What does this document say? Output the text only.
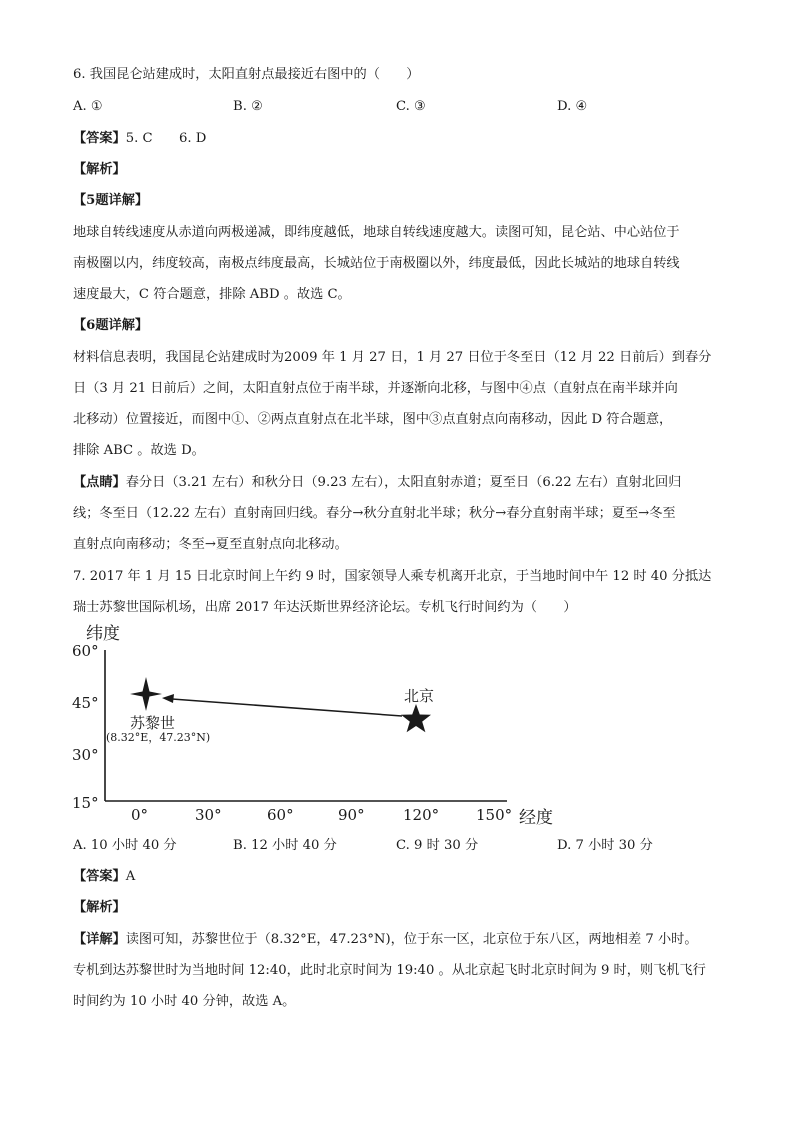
6. 我国昆仑站建成时，太阳直射点最接近右图中的（　　）
A. ①	B. ②	C. ③	D. ④
【答案】5. C　　6. D
【解析】
【5题详解】
地球自转线速度从赤道向两极递减，即纬度越低，地球自转线速度越大。读图可知，昆仑站、中心站位于
南极圈以内，纬度较高，南极点纬度最高，长城站位于南极圈以外，纬度最低，因此长城站的地球自转线
速度最大，C 符合题意，排除 ABD 。故选 C。
【6题详解】
材料信息表明，我国昆仑站建成时为2009 年 1 月 27 日，1 月 27 日位于冬至日（12 月 22 日前后）到春分
日（3 月 21 日前后）之间，太阳直射点位于南半球，并逐渐向北移，与图中④点（直射点在南半球并向
北移动）位置接近，而图中①、②两点直射点在北半球，图中③点直射点向南移动，因此 D 符合题意，
排除 ABC 。故选 D。
【点睛】春分日（3.21 左右）和秋分日（9.23 左右），太阳直射赤道；夏至日（6.22 左右）直射北回归
线；冬至日（12.22 左右）直射南回归线。春分→秋分直射北半球；秋分→春分直射南半球；夏至→冬至
直射点向南移动；冬至→夏至直射点向北移动。
7. 2017 年 1 月 15 日北京时间上午约 9 时，国家领导人乘专机离开北京，于当地时间中午 12 时 40 分抵达
瑞士苏黎世国际机场，出席 2017 年达沃斯世界经济论坛。专机飞行时间约为（　　）
纬度
60°
45°
30°
15°
0°	30°	60°	90°	120° 150° 经度
北京
苏黎世
(8.32°E，47.23°N)
A. 10 小时 40 分	B. 12 小时 40 分	C. 9 时 30 分	D. 7 小时 30 分
【答案】A
【解析】
【详解】读图可知，苏黎世位于（8.32°E，47.23°N)，位于东一区，北京位于东八区，两地相差 7 小时。
专机到达苏黎世时为当地时间 12:40，此时北京时间为 19:40 。从北京起飞时北京时间为 9 时，则飞机飞行
时间约为 10 小时 40 分钟，故选 A。
